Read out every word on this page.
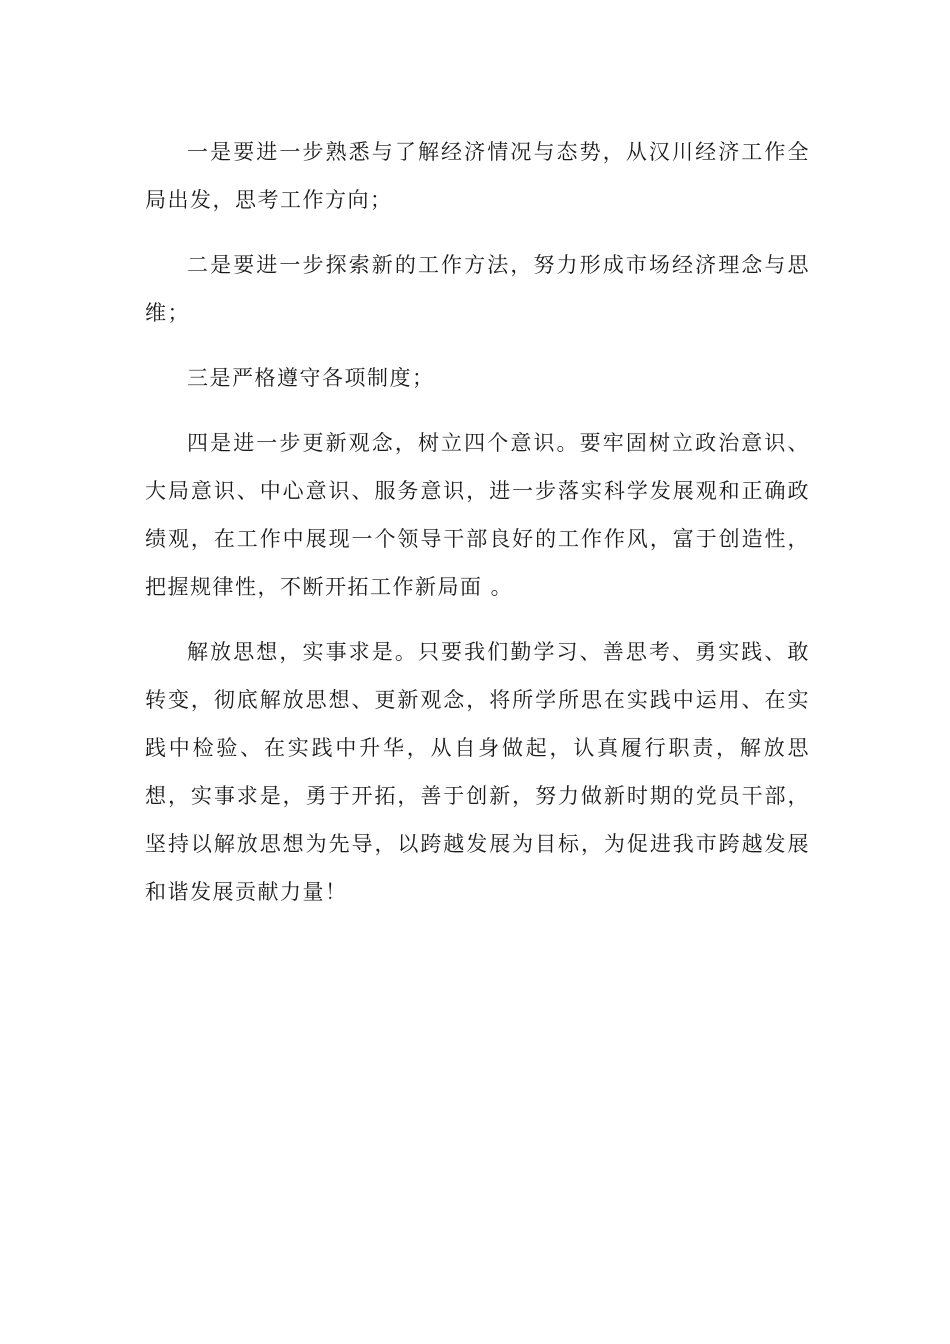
一是要进一步熟悉与了解经济情况与态势，从汉川经济工作全局出发，思考工作方向；

二是要进一步探索新的工作方法，努力形成市场经济理念与思维；

三是严格遵守各项制度；

四是进一步更新观念，树立四个意识。要牢固树立政治意识、大局意识、中心意识、服务意识，进一步落实科学发展观和正确政绩观，在工作中展现一个领导干部良好的工作作风，富于创造性，把握规律性，不断开拓工作新局面 。

解放思想，实事求是。只要我们勤学习、善思考、勇实践、敢转变，彻底解放思想、更新观念，将所学所思在实践中运用、在实践中检验、在实践中升华，从自身做起，认真履行职责，解放思想，实事求是，勇于开拓，善于创新，努力做新时期的党员干部，坚持以解放思想为先导，以跨越发展为目标，为促进我市跨越发展和谐发展贡献力量！
